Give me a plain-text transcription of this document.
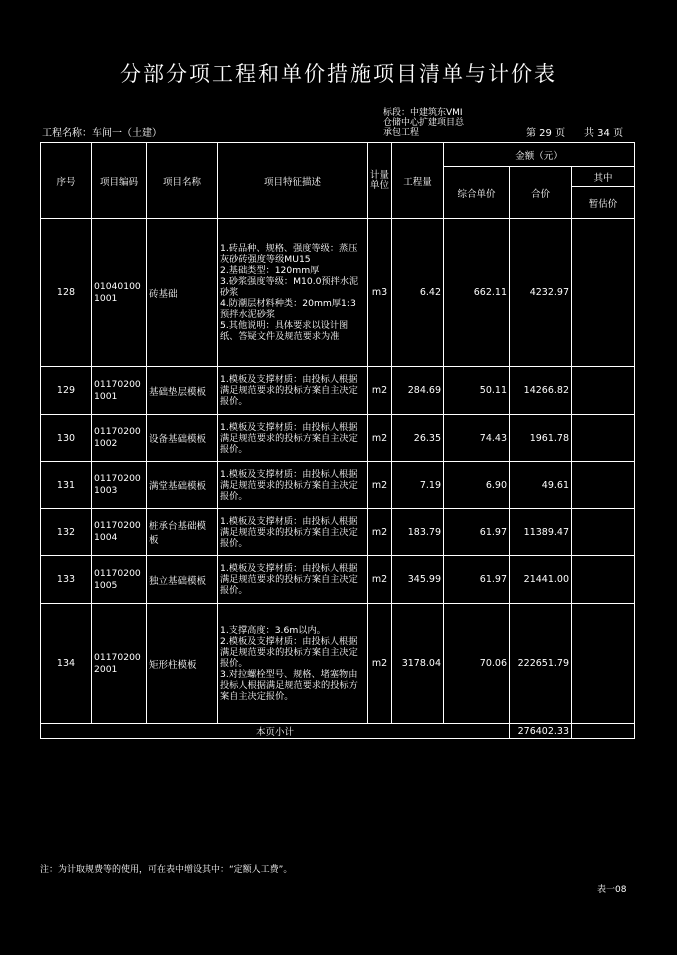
分部分项工程和单价措施项目清单与计价表
标段：中建筑东VMI
仓储中心扩建项目总
承包工程
工程名称：车间一（土建）	第 29 页 共 34 页
序号	项目编码	项目名称	项目特征描述	计量单位	工程量	金额（元）		
						综合单价	合价	其中
								暂估价
128	010401001001	砖基础	1.砖品种、规格、强度等级：蒸压灰砂砖强度等级MU15
2.基础类型：120mm厚
3.砂浆强度等级：M10.0预拌水泥砂浆
4.防潮层材料种类：20mm厚1:3预拌水泥砂浆
5.其他说明：具体要求以设计图纸、答疑文件及规范要求为准	m3	6.42	662.11	4232.97	
129	011702001001	基础垫层模板	1.模板及支撑材质：由投标人根据满足规范要求的投标方案自主决定报价。	m2	284.69	50.11	14266.82	
130	011702001002	设备基础模板	1.模板及支撑材质：由投标人根据满足规范要求的投标方案自主决定报价。	m2	26.35	74.43	1961.78	
131	011702001003	满堂基础模板	1.模板及支撑材质：由投标人根据满足规范要求的投标方案自主决定报价。	m2	7.19	6.90	49.61	
132	011702001004	桩承台基础模板	1.模板及支撑材质：由投标人根据满足规范要求的投标方案自主决定报价。	m2	183.79	61.97	11389.47	
133	011702001005	独立基础模板	1.模板及支撑材质：由投标人根据满足规范要求的投标方案自主决定报价。	m2	345.99	61.97	21441.00	
134	011702002001	矩形柱模板	1.支撑高度：3.6m以内。
2.模板及支撑材质：由投标人根据满足规范要求的投标方案自主决定报价。
3.对拉螺栓型号、规格、堵塞物由投标人根据满足规范要求的投标方案自主决定报价。	m2	3178.04	70.06	222651.79	
本页小计							276402.33	
注：为计取规费等的使用，可在表中增设其中：“定额人工费”。
表一08
